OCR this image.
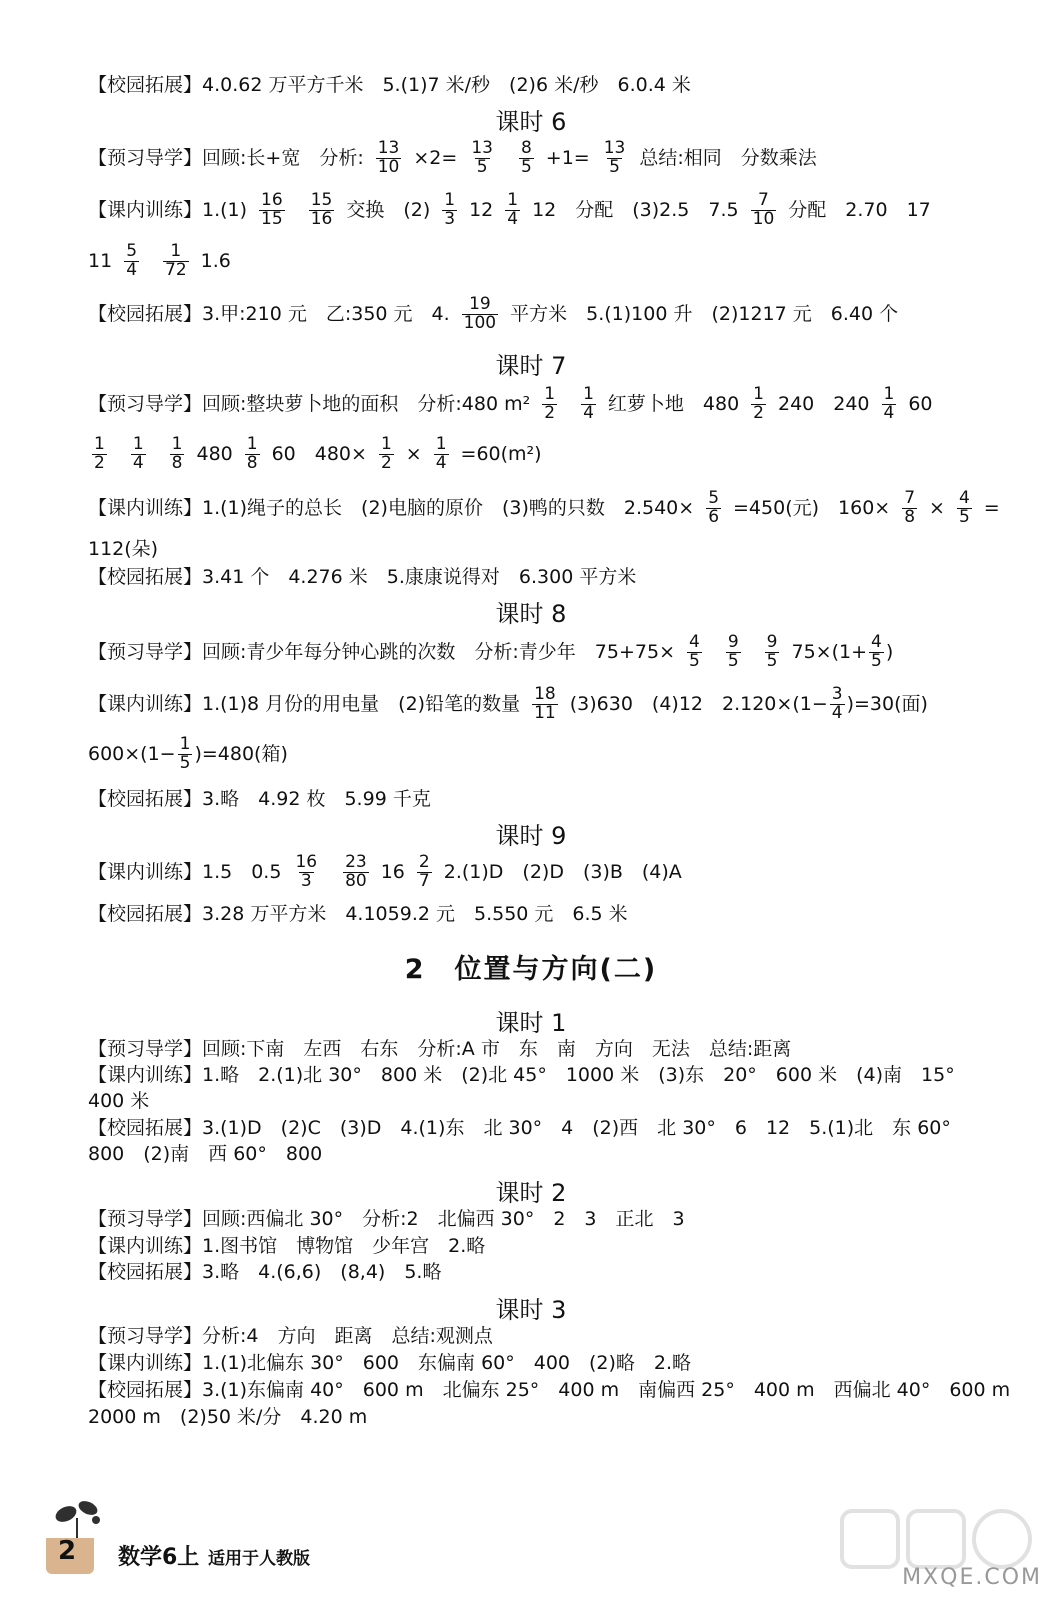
【校园拓展】4.0.62 万平方千米　5.(1)7 米/秒　(2)6 米/秒　6.0.4 米
课时 6
【预习导学】回顾:长+宽　分析: $\frac{13}{10} \times 2= \frac{13}{5} \frac{8}{5} +1= \frac{13}{5}$ 总结:相同　分数乘法
【课内训练】$1.(1) \frac{16}{15} \frac{15}{16}$ 交换　$(2) \frac{1}{3} 12 \frac{1}{4} 12$　分配　(3)2.5　$7.5 \frac{7}{10}$ 分配　2.70　17
$11 \frac{5}{4} \frac{1}{72} 1.6$
【校园拓展】3.甲:210 元　乙:350 元　4. $\frac{19}{100}$ 平方米　5.(1)100 升　(2)1217 元　6.40 个
课时 7
【预习导学】回顾:整块萝卜地的面积　分析:480 $m^2 \frac{1}{2} \frac{1}{4}$ 红萝卜地　$480 \frac{1}{2} 240$　$240 \frac{1}{4} 60$
$\frac{1}{2} \frac{1}{4} \frac{1}{8} 480 \frac{1}{8} 60$　$480\times \frac{1}{2} \times \frac{1}{4} =60(m^2)$
【课内训练】1.(1)绳子的总长　(2)电脑的原价　(3)鸭的只数　$2.540\times \frac{5}{6} =450$(元)　$160\times \frac{7}{8} \times \frac{4}{5}$ =
112(朵)
【校园拓展】3.41 个　4.276 米　5.康康说得对　6.300 平方米
课时 8
【预习导学】回顾:青少年每分钟心跳的次数　分析:青少年　$75+75\times \frac{4}{5} \frac{9}{5} \frac{9}{5} 75\times(1+ \frac{4}{5}$ )
【课内训练】1.(1)8 月份的用电量　(2)铅笔的数量 $\frac{18}{11} (3)630$　(4)12　$2.120\times(1- \frac{3}{4} )=30$(面)
$600\times(1- \frac{1}{5} )=480$(箱)
【校园拓展】3.略　4.92 枚　5.99 千克
课时 9
【课内训练】1.5　$0.5 \frac{16}{3} \frac{23}{80} 16 \frac{2}{7} 2.(1)D$　(2)D　(3)B　(4)A
【校园拓展】3.28 万平方米　4.1059.2 元　5.550 元　6.5 米
2　位置与方向(二)
课时 1
【预习导学】回顾:下南　左西　右东　分析:A 市　东　南　方向　无法　总结:距离
【课内训练】1.略　2.(1)北 30°　800 米　(2)北 45°　1000 米　(3)东　20°　600 米　(4)南　15°
400 米
【校园拓展】3.(1)D　(2)C　(3)D　4.(1)东　北 30°　4　(2)西　北 30°　6　12　5.(1)北　东 60°
800　(2)南　西 60°　800
课时 2
【预习导学】回顾:西偏北 30°　分析:2　北偏西 30°　2　3　正北　3
【课内训练】1.图书馆　博物馆　少年宫　2.略
【校园拓展】3.略　4.(6,6)　(8,4)　5.略
课时 3
【预习导学】分析:4　方向　距离　总结:观测点
【课内训练】1.(1)北偏东 30°　600　东偏南 60°　400　(2)略　2.略
【校园拓展】3.(1)东偏南 40°　600 m　北偏东 25°　400 m　南偏西 25°　400 m　西偏北 40°　600 m
2000 m　(2)50 米/分　4.20 m
2 数学6上 适用于人教版
MXQE.COM
